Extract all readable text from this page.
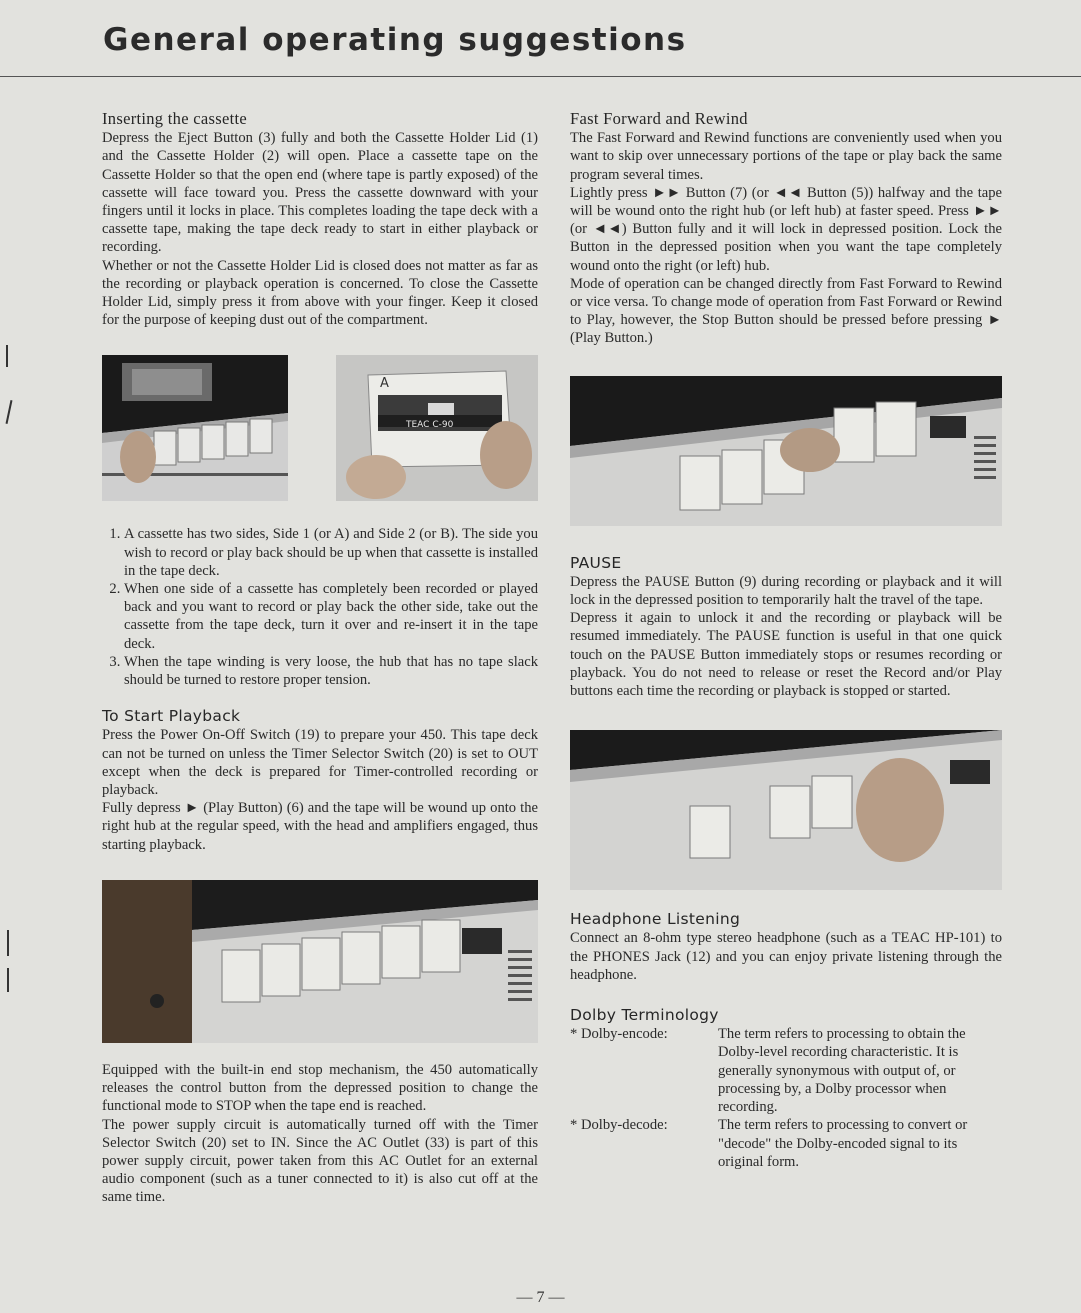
General operating suggestions
Inserting the cassette

Depress the Eject Button (3) fully and both the Cassette Holder Lid (1) and the Cassette Holder (2) will open. Place a cassette tape on the Cassette Holder so that the open end (where tape is partly exposed) of the cassette will face toward you. Press the cassette downward with your fingers until it locks in place. This completes loading the tape deck with a cassette tape, making the tape deck ready to start in either playback or recording.

Whether or not the Cassette Holder Lid is closed does not matter as far as the recording or playback operation is concerned. To close the Cassette Holder Lid, simply press it from above with your finger. Keep it closed for the purpose of keeping dust out of the compartment.

A
TEAC C-90
1. A cassette has two sides, Side 1 (or A) and Side 2 (or B). The side you wish to record or play back should be up when that cassette is installed in the tape deck.
2. When one side of a cassette has completely been recorded or played back and you want to record or play back the other side, take out the cassette from the tape deck, turn it over and re-insert it in the tape deck.
3. When the tape winding is very loose, the hub that has no tape slack should be turned to restore proper tension.
To Start Playback

Press the Power On-Off Switch (19) to prepare your 450. This tape deck can not be turned on unless the Timer Selector Switch (20) is set to OUT except when the deck is prepared for Timer-controlled recording or playback.

Fully depress ► (Play Button) (6) and the tape will be wound up onto the right hub at the regular speed, with the head and amplifiers engaged, thus starting playback.

Equipped with the built-in end stop mechanism, the 450 automatically releases the control button from the depressed position to change the functional mode to STOP when the tape end is reached.

The power supply circuit is automatically turned off with the Timer Selector Switch (20) set to IN. Since the AC Outlet (33) is part of this power supply circuit, power taken from this AC Outlet for an external audio component (such as a tuner connected to it) is also cut off at the same time.

Fast Forward and Rewind

The Fast Forward and Rewind functions are conveniently used when you want to skip over unnecessary portions of the tape or play back the same program several times.

Lightly press ►► Button (7) (or ◄◄ Button (5)) halfway and the tape will be wound onto the right hub (or left hub) at faster speed. Press ►► (or ◄◄) Button fully and it will lock in depressed position. Lock the Button in the depressed position when you want the tape completely wound onto the right (or left) hub.

Mode of operation can be changed directly from Fast Forward to Rewind or vice versa. To change mode of operation from Fast Forward or Rewind to Play, however, the Stop Button should be pressed before pressing ► (Play Button.)

PAUSE

Depress the PAUSE Button (9) during recording or playback and it will lock in the depressed position to temporarily halt the travel of the tape.

Depress it again to unlock it and the recording or playback will be resumed immediately. The PAUSE function is useful in that one quick touch on the PAUSE Button immediately stops or resumes recording or playback. You do not need to release or reset the Record and/or Play buttons each time the recording or playback is stopped or started.

Headphone Listening

Connect an 8-ohm type stereo headphone (such as a TEAC HP-101) to the PHONES Jack (12) and you can enjoy private listening through the headphone.

Dolby Terminology
* Dolby-encode:	The term refers to processing to obtain the Dolby-level recording characteristic. It is generally synonymous with output of, or processing by, a Dolby processor when recording.
* Dolby-decode:	The term refers to processing to convert or "decode" the Dolby-encoded signal to its original form.
— 7 —
